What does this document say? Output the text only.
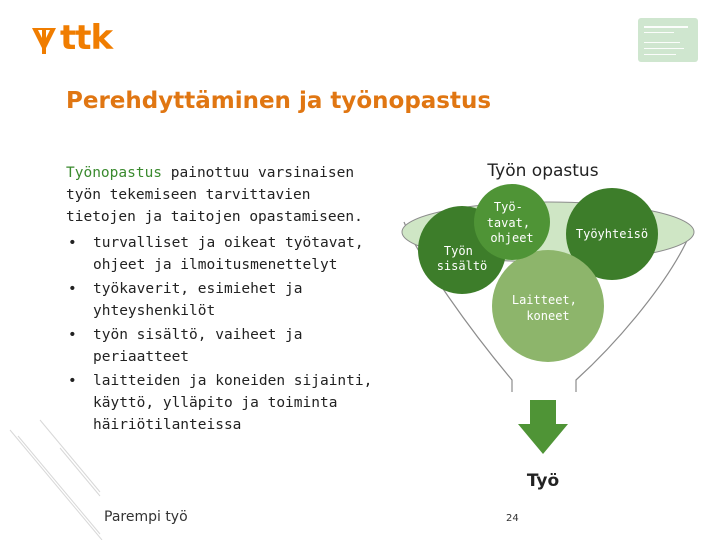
ttk
Perehdyttäminen ja työnopastus
Työnopastus painottuu varsinaisen työn tekemiseen tarvittavien tietojen ja taitojen opastamiseen.
• turvalliset ja oikeat työtavat, ohjeet ja ilmoitusmenettelyt
• työkaverit, esimiehet ja yhteyshenkilöt
• työn sisältö, vaiheet ja periaatteet
• laitteiden ja koneiden sijainti, käyttö, ylläpito ja toiminta häiriötilanteissa
Työn opastus
Työ- tavat, ohjeet
Työn sisältö
Työyhteisö
Laitteet, koneet
Työ
Parempi työ	24
